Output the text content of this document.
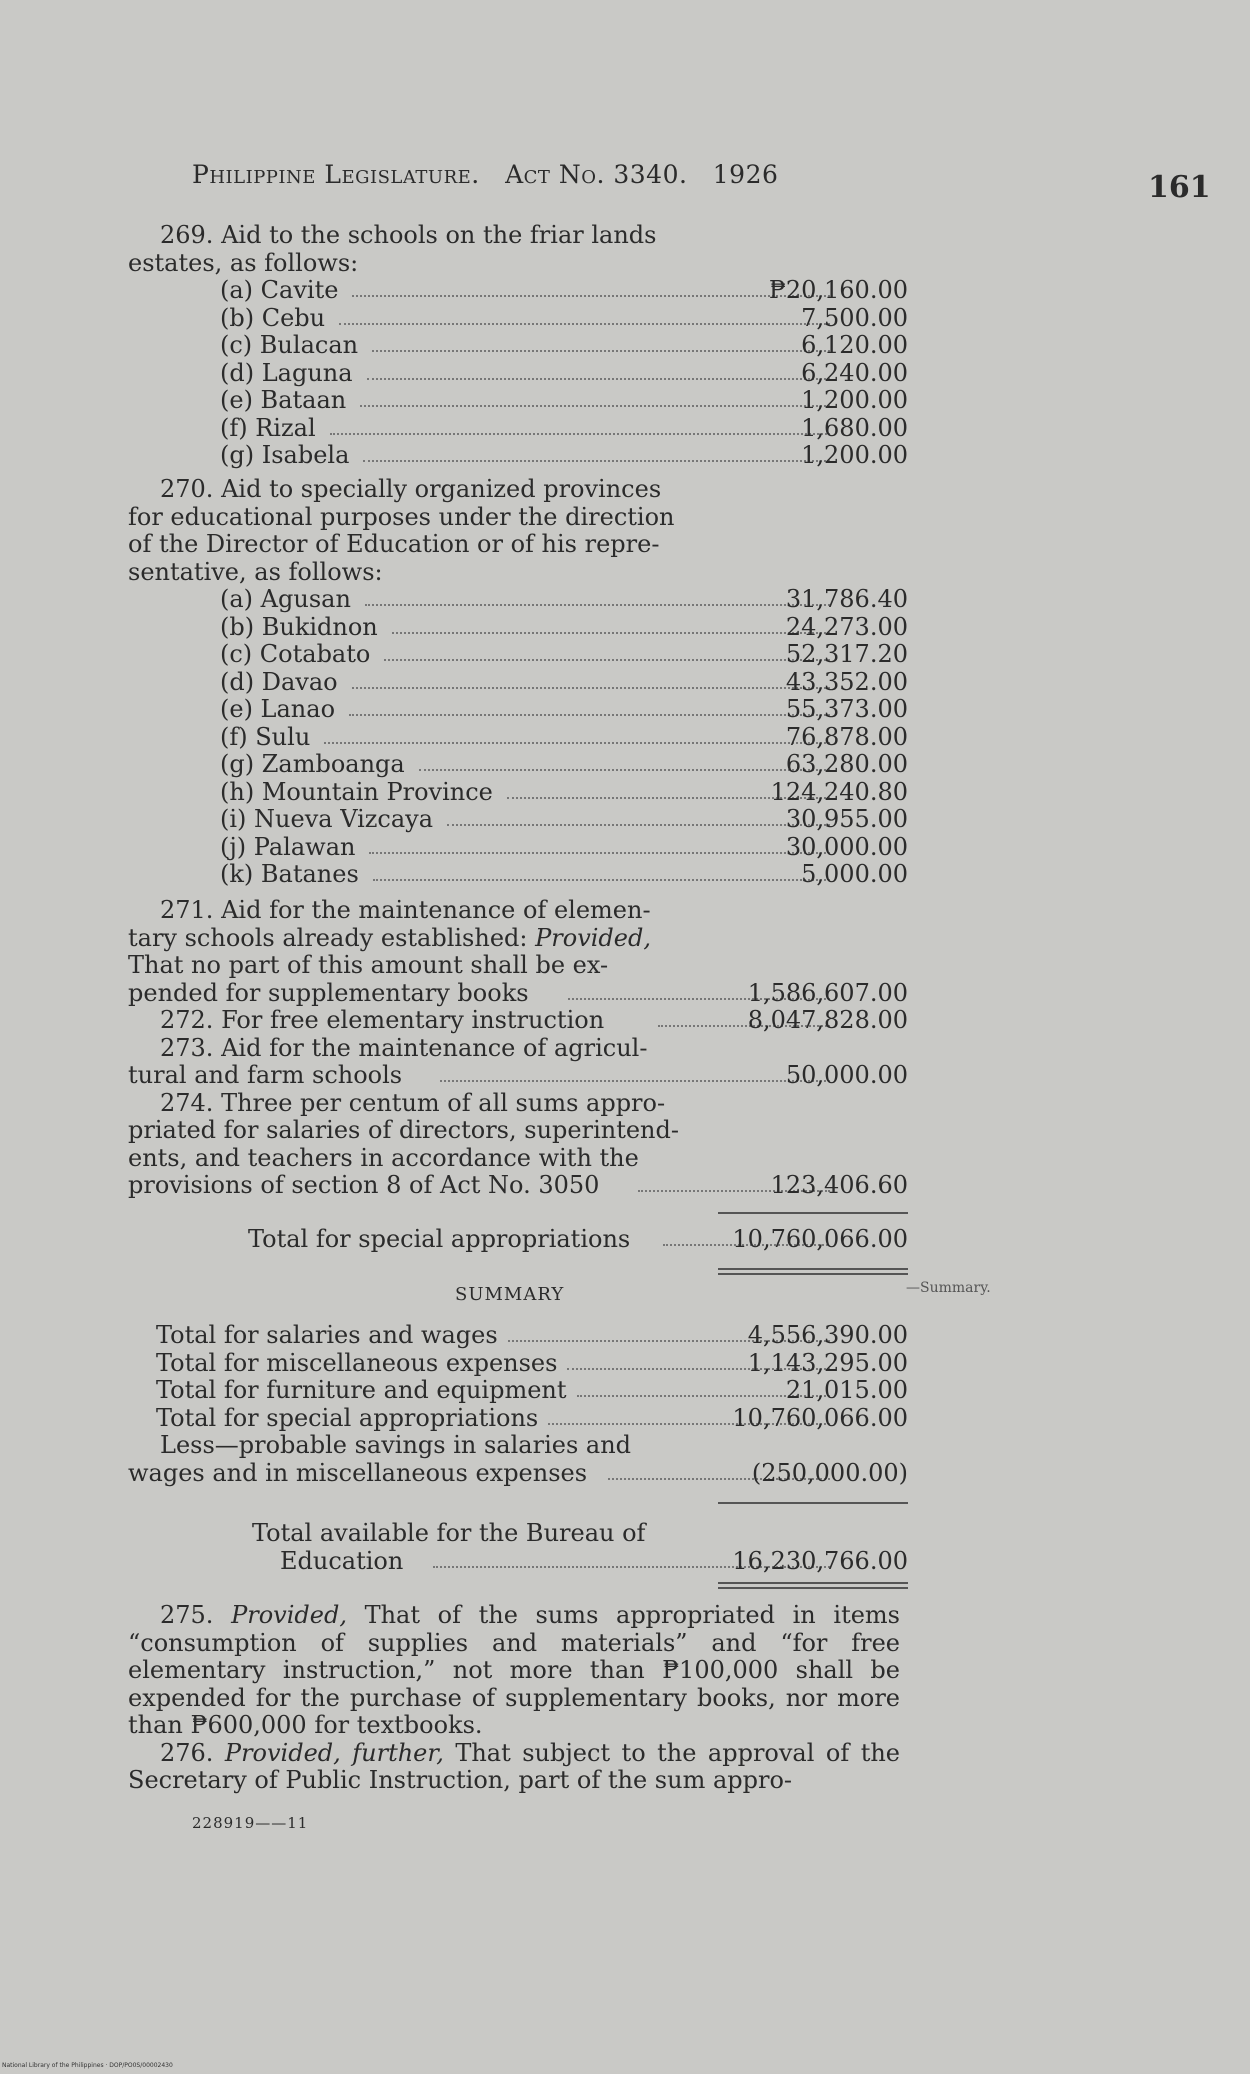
Philippine Legislature. Act No. 3340. 1926	161
269. Aid to the schools on the friar lands
estates, as follows:
(a) Cavite	₱20,160.00
(b) Cebu	7,500.00
(c) Bulacan	6,120.00
(d) Laguna	6,240.00
(e) Bataan	1,200.00
(f) Rizal	1,680.00
(g) Isabela	1,200.00
270. Aid to specially organized provinces
for educational purposes under the direction
of the Director of Education or of his repre-
sentative, as follows:
(a) Agusan	31,786.40
(b) Bukidnon	24,273.00
(c) Cotabato	52,317.20
(d) Davao	43,352.00
(e) Lanao	55,373.00
(f) Sulu	76,878.00
(g) Zamboanga	63,280.00
(h) Mountain Province	124,240.80
(i) Nueva Vizcaya	30,955.00
(j) Palawan	30,000.00
(k) Batanes	5,000.00
271. Aid for the maintenance of elemen-
tary schools already established: Provided,
That no part of this amount shall be ex-
pended for supplementary books	1,586,607.00
272. For free elementary instruction	8,047,828.00
273. Aid for the maintenance of agricul-
tural and farm schools	50,000.00
274. Three per centum of all sums appro-
priated for salaries of directors, superintend-
ents, and teachers in accordance with the
provisions of section 8 of Act No. 3050	123,406.60
Total for special appropriations	10,760,066.00
SUMMARY	—Summary.
Total for salaries and wages	4,556,390.00
Total for miscellaneous expenses	1,143,295.00
Total for furniture and equipment	21,015.00
Total for special appropriations	10,760,066.00
Less—probable savings in salaries and
wages and in miscellaneous expenses	(250,000.00)
Total available for the Bureau of
Education	16,230,766.00
275. Provided, That of the sums appropriated in items “consumption of supplies and materials” and “for free elementary instruction,” not more than ₱100,000 shall be expended for the purchase of supplementary books, nor more than ₱600,000 for textbooks.
276. Provided, further, That subject to the approval of the Secretary of Public Instruction, part of the sum appro-
228919——11
National Library of the Philippines · DOP/PO0S/00002430
